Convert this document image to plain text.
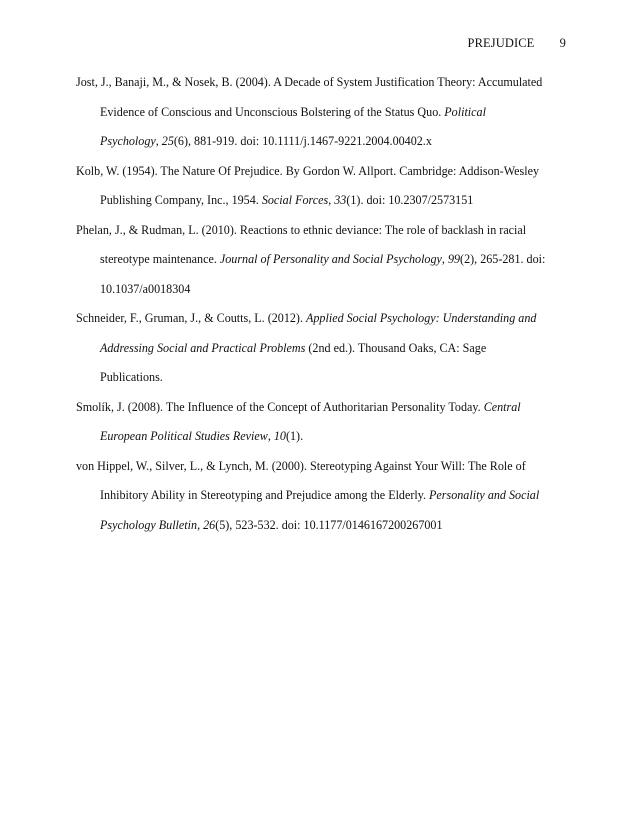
PREJUDICE 9
Jost, J., Banaji, M., & Nosek, B. (2004). A Decade of System Justification Theory: Accumulated
Evidence of Conscious and Unconscious Bolstering of the Status Quo. Political
Psychology, 25(6), 881-919. doi: 10.1111/j.1467-9221.2004.00402.x
Kolb, W. (1954). The Nature Of Prejudice. By Gordon W. Allport. Cambridge: Addison-Wesley
Publishing Company, Inc., 1954. Social Forces, 33(1). doi: 10.2307/2573151
Phelan, J., & Rudman, L. (2010). Reactions to ethnic deviance: The role of backlash in racial
stereotype maintenance. Journal of Personality and Social Psychology, 99(2), 265-281. doi:
10.1037/a0018304
Schneider, F., Gruman, J., & Coutts, L. (2012). Applied Social Psychology: Understanding and
Addressing Social and Practical Problems (2nd ed.). Thousand Oaks, CA: Sage
Publications.
Smolík, J. (2008). The Influence of the Concept of Authoritarian Personality Today. Central
European Political Studies Review, 10(1).
von Hippel, W., Silver, L., & Lynch, M. (2000). Stereotyping Against Your Will: The Role of
Inhibitory Ability in Stereotyping and Prejudice among the Elderly. Personality and Social
Psychology Bulletin, 26(5), 523-532. doi: 10.1177/0146167200267001
